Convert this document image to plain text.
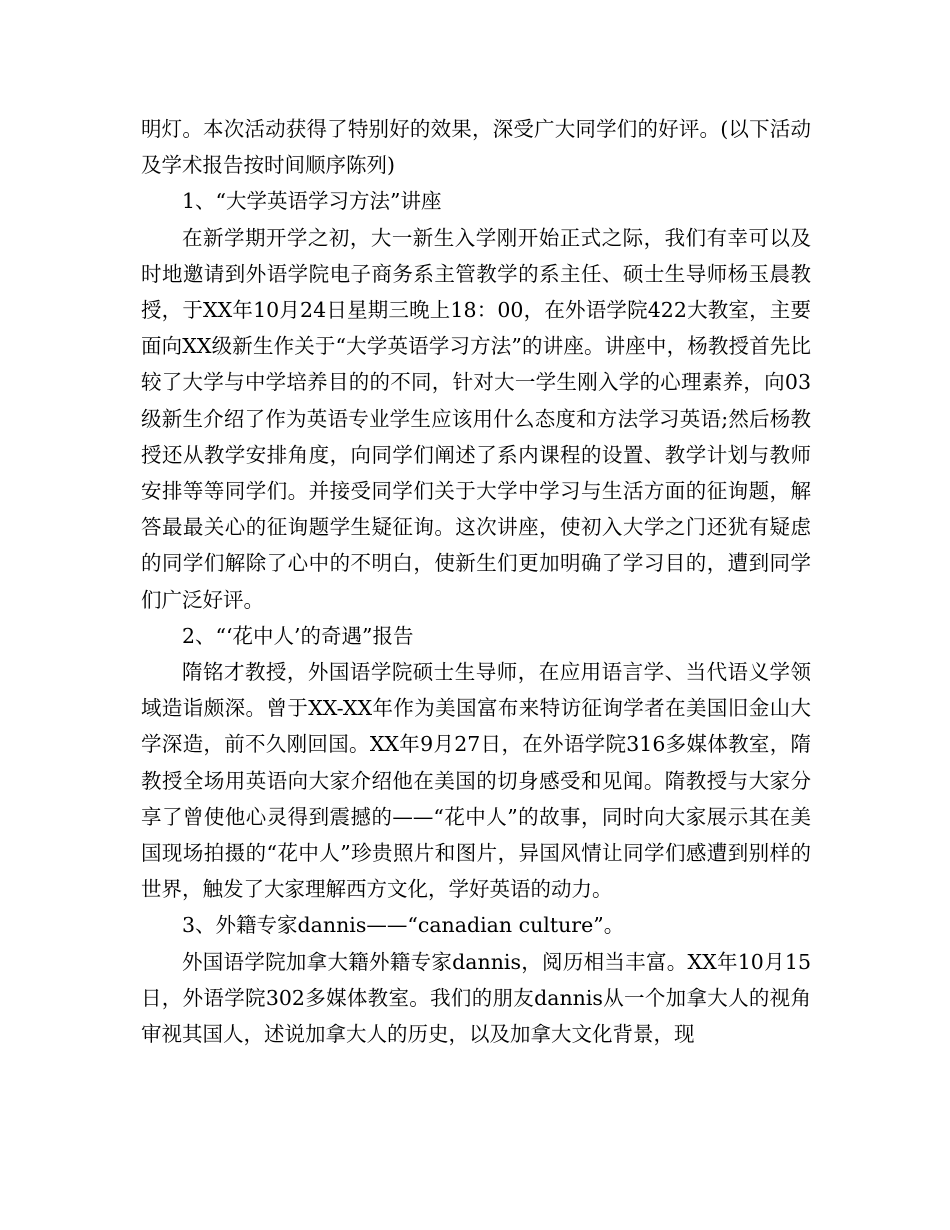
明灯。本次活动获得了特别好的效果，深受广大同学们的好评。(以下活动及学术报告按时间顺序陈列)

1、“大学英语学习方法”讲座

在新学期开学之初，大一新生入学刚开始正式之际，我们有幸可以及时地邀请到外语学院电子商务系主管教学的系主任、硕士生导师杨玉晨教授，于XX年10月24日星期三晚上18：00，在外语学院422大教室，主要面向XX级新生作关于“大学英语学习方法”的讲座。讲座中，杨教授首先比较了大学与中学培养目的的不同，针对大一学生刚入学的心理素养，向03级新生介绍了作为英语专业学生应该用什么态度和方法学习英语;然后杨教授还从教学安排角度，向同学们阐述了系内课程的设置、教学计划与教师安排等等同学们。并接受同学们关于大学中学习与生活方面的征询题，解答最最关心的征询题学生疑征询。这次讲座，使初入大学之门还犹有疑虑的同学们解除了心中的不明白，使新生们更加明确了学习目的，遭到同学们广泛好评。

2、“‘花中人’的奇遇”报告

隋铭才教授，外国语学院硕士生导师，在应用语言学、当代语义学领域造诣颇深。曾于XX-XX年作为美国富布来特访征询学者在美国旧金山大学深造，前不久刚回国。XX年9月27日，在外语学院316多媒体教室，隋教授全场用英语向大家介绍他在美国的切身感受和见闻。隋教授与大家分享了曾使他心灵得到震撼的——“花中人”的故事，同时向大家展示其在美国现场拍摄的“花中人”珍贵照片和图片，异国风情让同学们感遭到别样的世界，触发了大家理解西方文化，学好英语的动力。

3、外籍专家dannis——“canadian culture”。

外国语学院加拿大籍外籍专家dannis，阅历相当丰富。XX年10月15日，外语学院302多媒体教室。我们的朋友dannis从一个加拿大人的视角审视其国人，述说加拿大人的历史，以及加拿大文化背景，现
